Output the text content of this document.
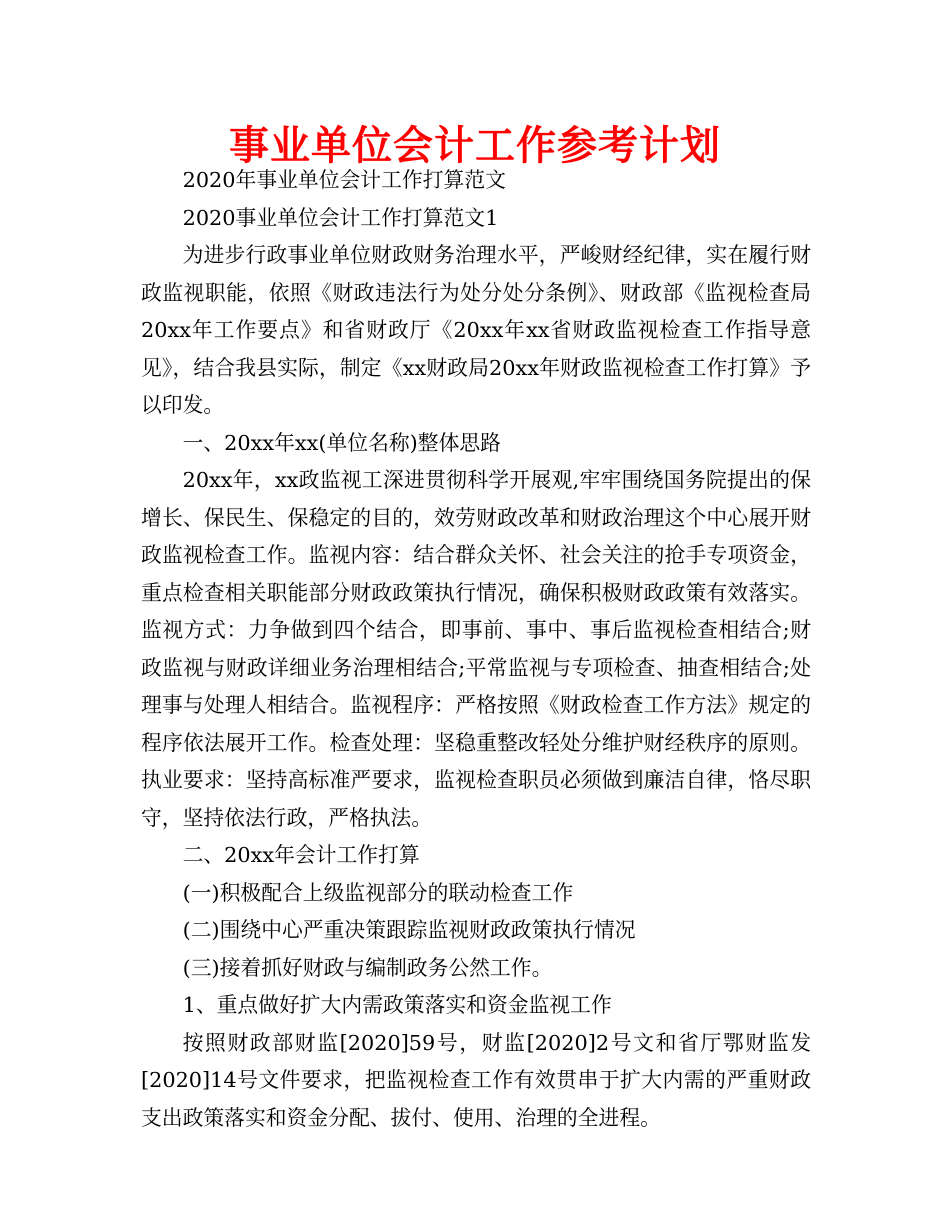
事业单位会计工作参考计划

2020年事业单位会计工作打算范文

2020事业单位会计工作打算范文1

为进步行政事业单位财政财务治理水平，严峻财经纪律，实在履行财政监视职能，依照《财政违法行为处分处分条例》、财政部《监视检查局20xx年工作要点》和省财政厅《20xx年xx省财政监视检查工作指导意见》，结合我县实际，制定《xx财政局20xx年财政监视检查工作打算》予以印发。

一、20xx年xx(单位名称)整体思路

20xx年，xx政监视工深进贯彻科学开展观,牢牢围绕国务院提出的保增长、保民生、保稳定的目的，效劳财政改革和财政治理这个中心展开财政监视检查工作。监视内容：结合群众关怀、社会关注的抢手专项资金，重点检查相关职能部分财政政策执行情况，确保积极财政政策有效落实。监视方式：力争做到四个结合，即事前、事中、事后监视检查相结合;财政监视与财政详细业务治理相结合;平常监视与专项检查、抽查相结合;处理事与处理人相结合。监视程序：严格按照《财政检查工作方法》规定的程序依法展开工作。检查处理：坚稳重整改轻处分维护财经秩序的原则。执业要求：坚持高标准严要求，监视检查职员必须做到廉洁自律，恪尽职守，坚持依法行政，严格执法。

二、20xx年会计工作打算

(一)积极配合上级监视部分的联动检查工作

(二)围绕中心严重决策跟踪监视财政政策执行情况

(三)接着抓好财政与编制政务公然工作。

1、重点做好扩大内需政策落实和资金监视工作

按照财政部财监[2020]59号，财监[2020]2号文和省厅鄂财监发[2020]14号文件要求，把监视检查工作有效贯串于扩大内需的严重财政支出政策落实和资金分配、拔付、使用、治理的全进程。
